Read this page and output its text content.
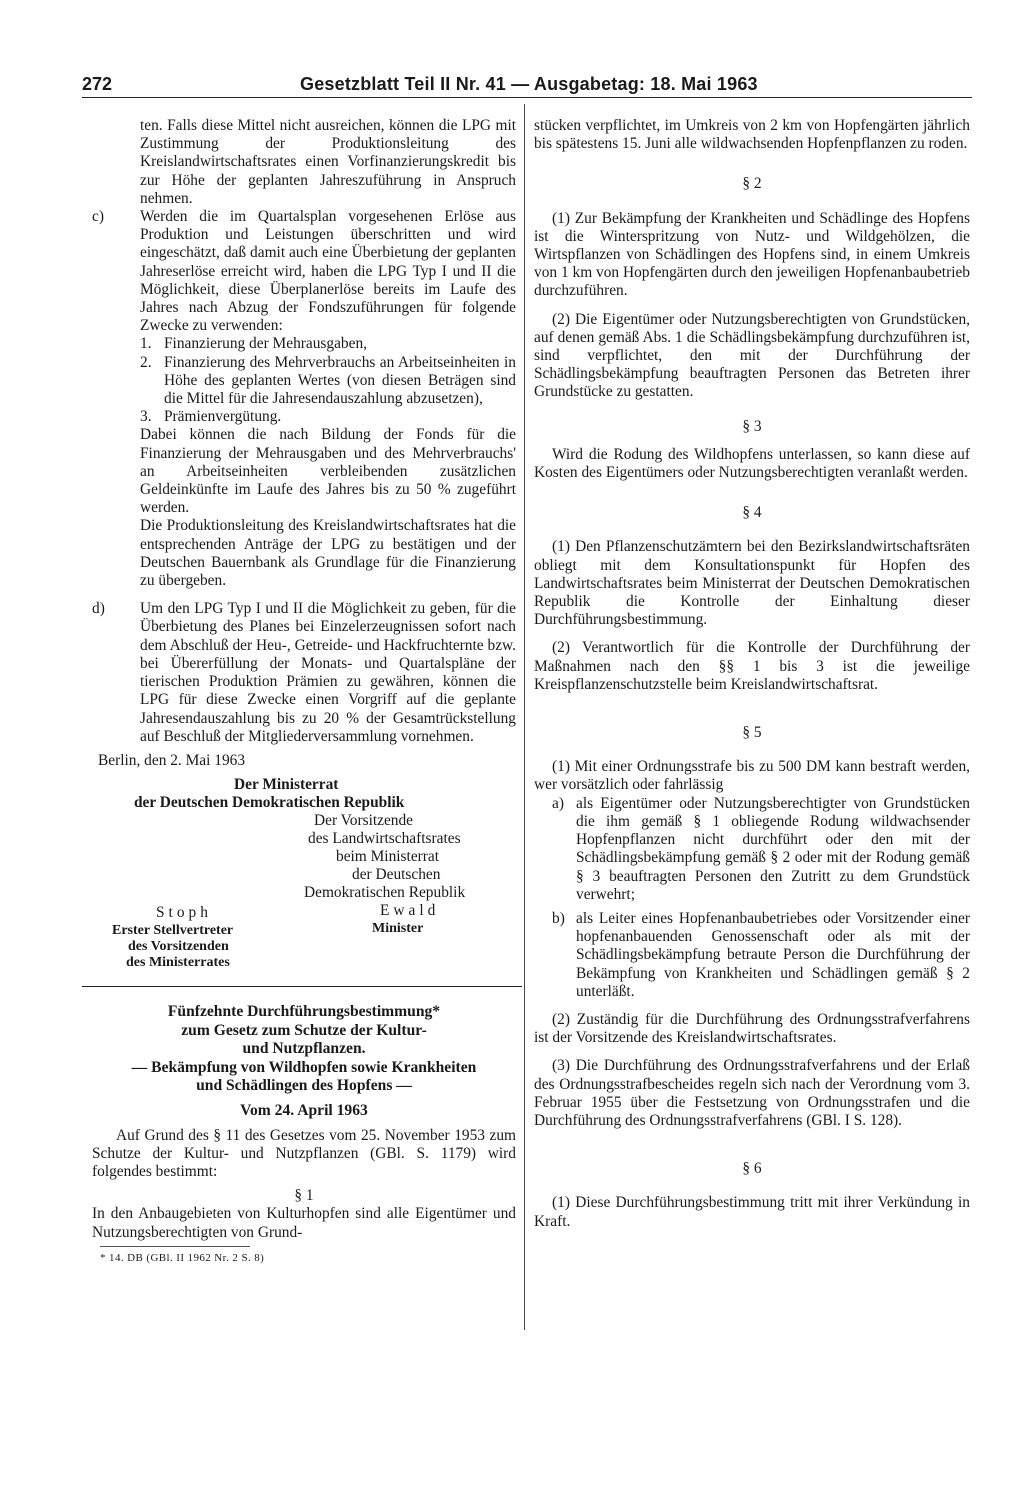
272	Gesetzblatt Teil II Nr. 41 — Ausgabetag: 18. Mai 1963

ten. Falls diese Mittel nicht ausreichen, können die LPG mit Zustimmung der Produktionsleitung des Kreislandwirtschaftsrates einen Vorfinanzierungskredit bis zur Höhe der geplanten Jahreszuführung in Anspruch nehmen.

c) Werden die im Quartalsplan vorgesehenen Erlöse aus Produktion und Leistungen überschritten und wird eingeschätzt, daß damit auch eine Überbietung der geplanten Jahreserlöse erreicht wird, haben die LPG Typ I und II die Möglichkeit, diese Überplanerlöse bereits im Laufe des Jahres nach Abzug der Fondszuführungen für folgende Zwecke zu verwenden:

1. Finanzierung der Mehrausgaben,
2. Finanzierung des Mehrverbrauchs an Arbeitseinheiten in Höhe des geplanten Wertes (von diesen Beträgen sind die Mittel für die Jahresendauszahlung abzusetzen),
3. Prämienvergütung.

Dabei können die nach Bildung der Fonds für die Finanzierung der Mehrausgaben und des Mehrverbrauchs' an Arbeitseinheiten verbleibenden zusätzlichen Geldeinkünfte im Laufe des Jahres bis zu 50 % zugeführt werden.

Die Produktionsleitung des Kreislandwirtschaftsrates hat die entsprechenden Anträge der LPG zu bestätigen und der Deutschen Bauernbank als Grundlage für die Finanzierung zu übergeben.

d) Um den LPG Typ I und II die Möglichkeit zu geben, für die Überbietung des Planes bei Einzelerzeugnissen sofort nach dem Abschluß der Heu-, Getreide- und Hackfruchternte bzw. bei Übererfüllung der Monats- und Quartalspläne der tierischen Produktion Prämien zu gewähren, können die LPG für diese Zwecke einen Vorgriff auf die geplante Jahresendauszahlung bis zu 20 % der Gesamtrückstellung auf Beschluß der Mitgliederversammlung vornehmen.

Berlin, den 2. Mai 1963

Der Ministerrat
der Deutschen Demokratischen Republik
Der Vorsitzende
des Landwirtschaftsrates
beim Ministerrat
der Deutschen
Demokratischen Republik
Ewald
Minister
Stoph
Erster Stellvertreter
des Vorsitzenden
des Ministerrates

Fünfzehnte Durchführungsbestimmung*

zum Gesetz zum Schutze der Kultur-

und Nutzpflanzen.

— Bekämpfung von Wildhopfen sowie Krankheiten

und Schädlingen des Hopfens —

Vom 24. April 1963

Auf Grund des § 11 des Gesetzes vom 25. November 1953 zum Schutze der Kultur- und Nutzpflanzen (GBl. S. 1179) wird folgendes bestimmt:

§ 1

In den Anbaugebieten von Kulturhopfen sind alle Eigentümer und Nutzungsberechtigten von Grund-

* 14. DB (GBl. II 1962 Nr. 2 S. 8)

stücken verpflichtet, im Umkreis von 2 km von Hopfengärten jährlich bis spätestens 15. Juni alle wildwachsenden Hopfenpflanzen zu roden.

§ 2

(1) Zur Bekämpfung der Krankheiten und Schädlinge des Hopfens ist die Winterspritzung von Nutz- und Wildgehölzen, die Wirtspflanzen von Schädlingen des Hopfens sind, in einem Umkreis von 1 km von Hopfengärten durch den jeweiligen Hopfenanbaubetrieb durchzuführen.

(2) Die Eigentümer oder Nutzungsberechtigten von Grundstücken, auf denen gemäß Abs. 1 die Schädlingsbekämpfung durchzuführen ist, sind verpflichtet, den mit der Durchführung der Schädlingsbekämpfung beauftragten Personen das Betreten ihrer Grundstücke zu gestatten.

§ 3

Wird die Rodung des Wildhopfens unterlassen, so kann diese auf Kosten des Eigentümers oder Nutzungsberechtigten veranlaßt werden.

§ 4

(1) Den Pflanzenschutzämtern bei den Bezirkslandwirtschaftsräten obliegt mit dem Konsultationspunkt für Hopfen des Landwirtschaftsrates beim Ministerrat der Deutschen Demokratischen Republik die Kontrolle der Einhaltung dieser Durchführungsbestimmung.

(2) Verantwortlich für die Kontrolle der Durchführung der Maßnahmen nach den §§ 1 bis 3 ist die jeweilige Kreispflanzenschutzstelle beim Kreislandwirtschaftsrat.

§ 5

(1) Mit einer Ordnungsstrafe bis zu 500 DM kann bestraft werden, wer vorsätzlich oder fahrlässig

a) als Eigentümer oder Nutzungsberechtigter von Grundstücken die ihm gemäß § 1 obliegende Rodung wildwachsender Hopfenpflanzen nicht durchführt oder den mit der Schädlingsbekämpfung gemäß § 2 oder mit der Rodung gemäß § 3 beauftragten Personen den Zutritt zu dem Grundstück verwehrt;

b) als Leiter eines Hopfenanbaubetriebes oder Vorsitzender einer hopfenanbauenden Genossenschaft oder als mit der Schädlingsbekämpfung betraute Person die Durchführung der Bekämpfung von Krankheiten und Schädlingen gemäß § 2 unterläßt.

(2) Zuständig für die Durchführung des Ordnungsstrafverfahrens ist der Vorsitzende des Kreislandwirtschaftsrates.

(3) Die Durchführung des Ordnungsstrafverfahrens und der Erlaß des Ordnungsstrafbescheides regeln sich nach der Verordnung vom 3. Februar 1955 über die Festsetzung von Ordnungsstrafen und die Durchführung des Ordnungsstrafverfahrens (GBl. I S. 128).

§ 6

(1) Diese Durchführungsbestimmung tritt mit ihrer Verkündung in Kraft.
